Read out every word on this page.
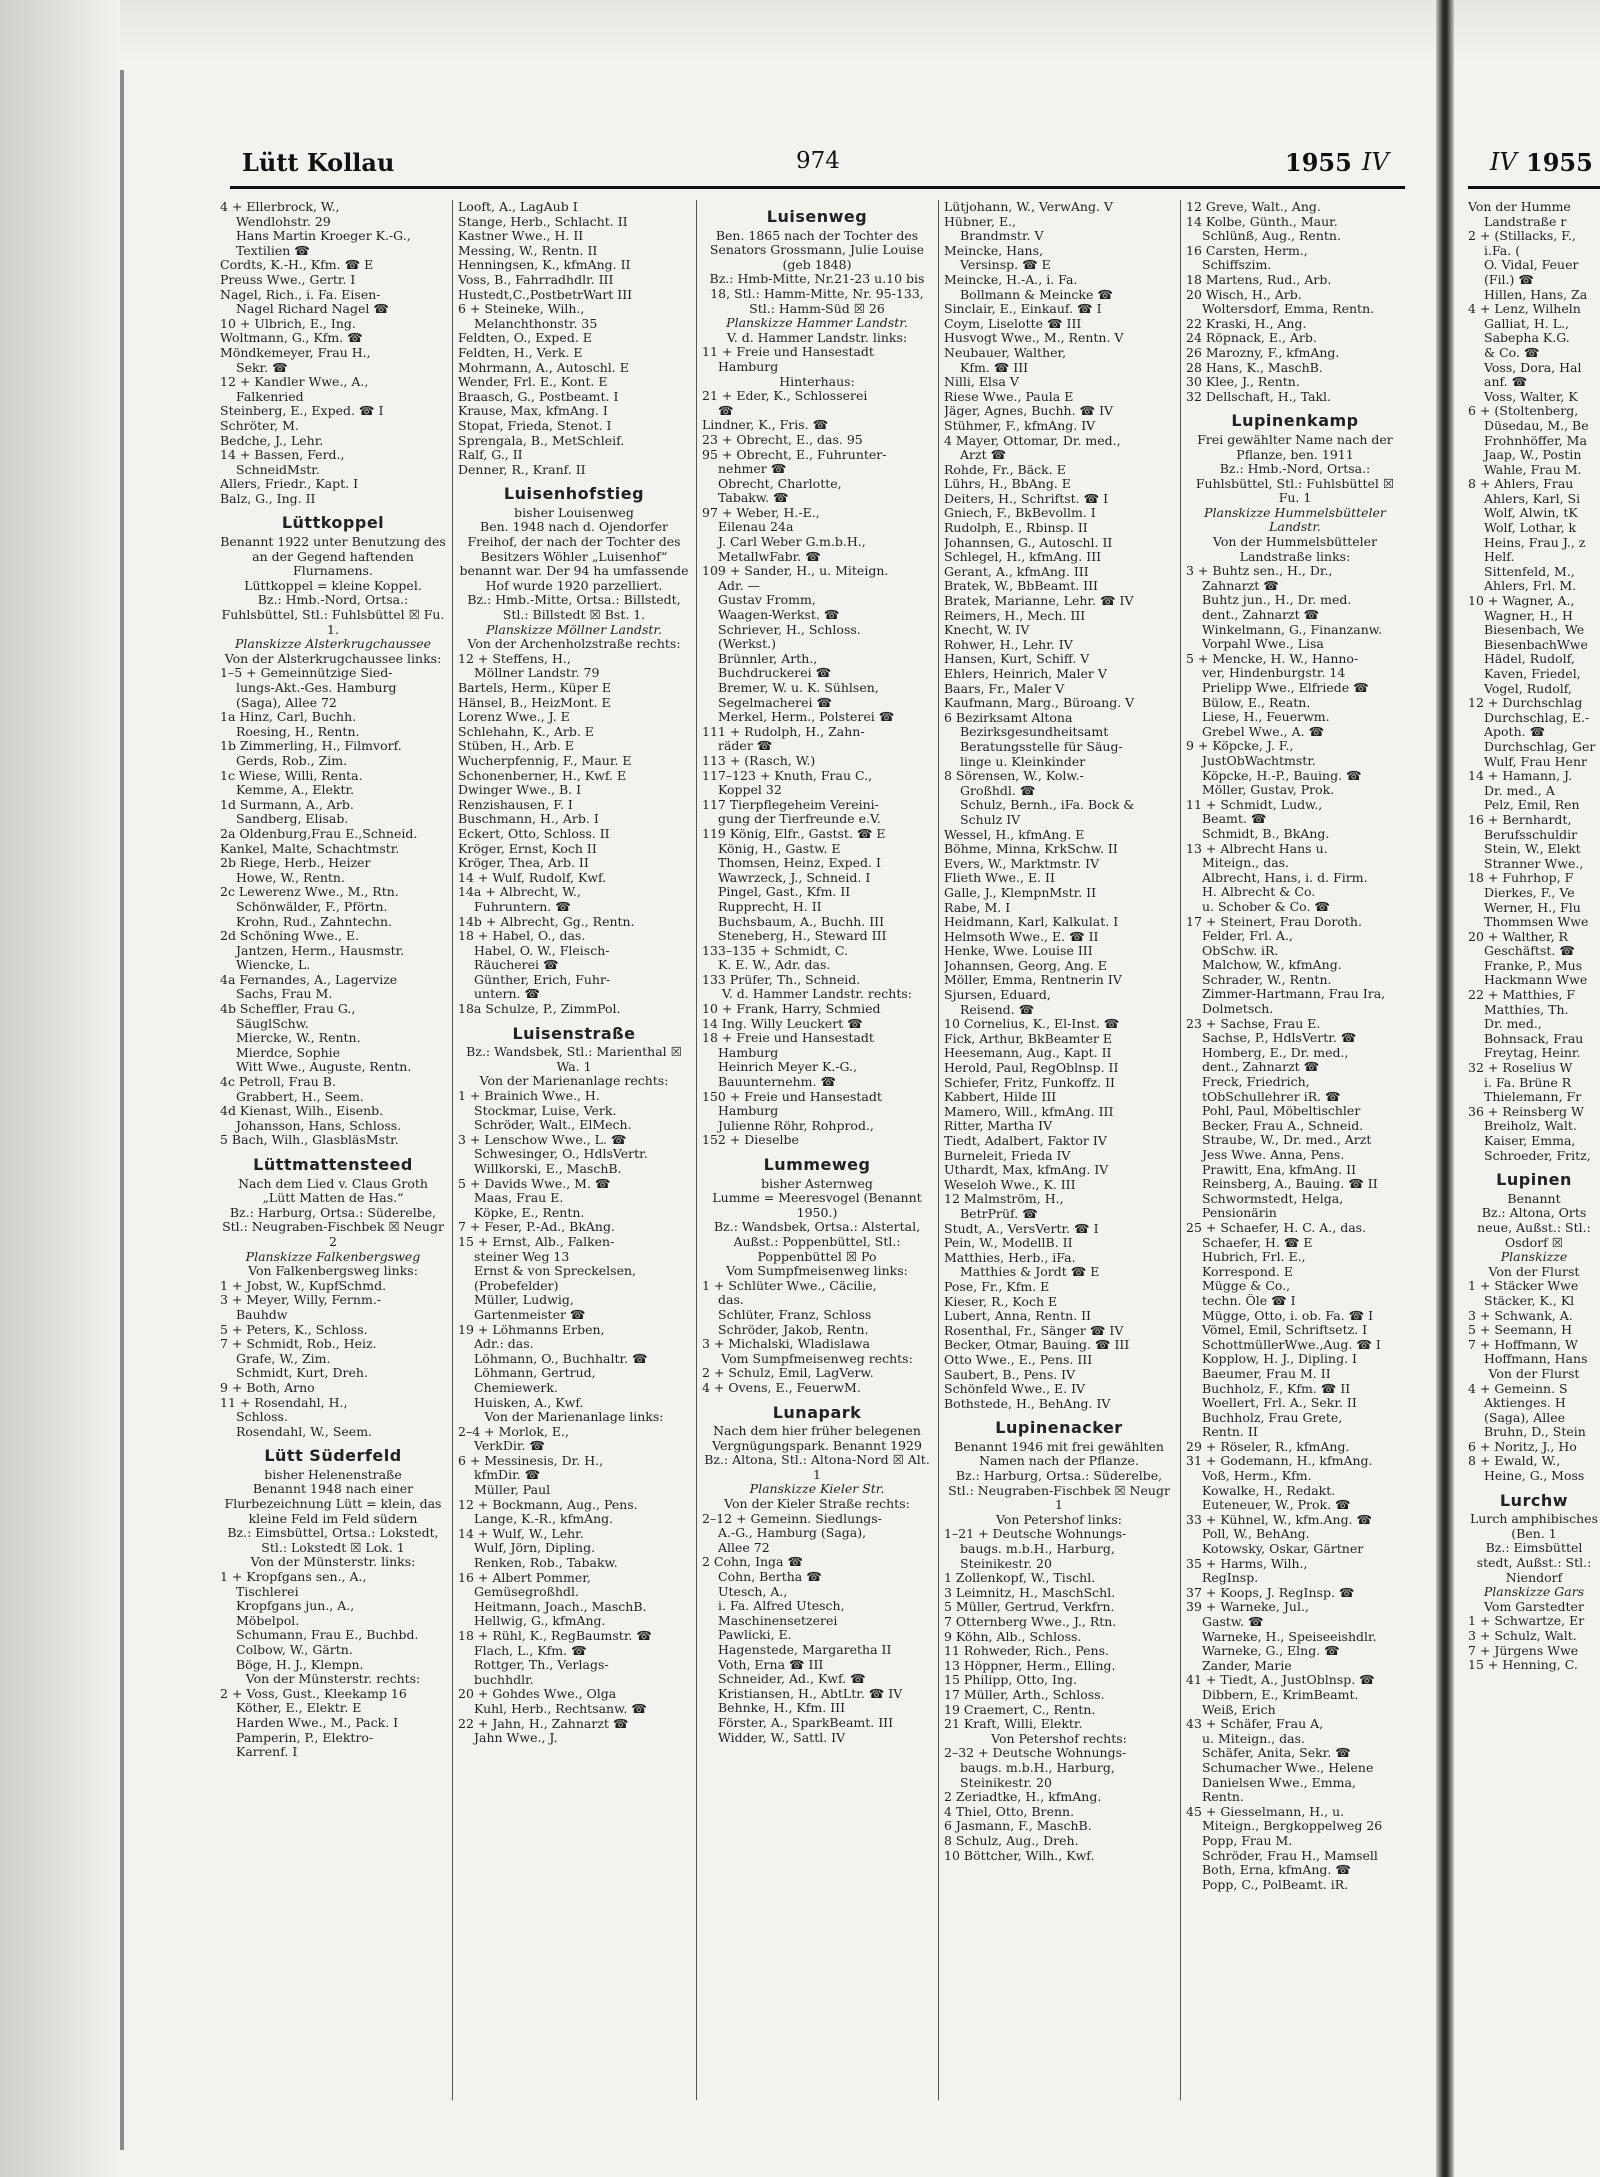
Lütt Kollau	974	1955 IV	IV 1955
4 + Ellerbrock, W.,
Wendlohstr. 29
Hans Martin Kroeger K.-G.,
Textilien ☎
Cordts, K.-H., Kfm. ☎ E
Preuss Wwe., Gertr. I
Nagel, Rich., i. Fa. Eisen-
Nagel Richard Nagel ☎
10 + Ulbrich, E., Ing.
Woltmann, G., Kfm. ☎
Möndkemeyer, Frau H.,
Sekr. ☎
12 + Kandler Wwe., A.,
Falkenried
Steinberg, E., Exped. ☎ I
Schröter, M.
Bedche, J., Lehr.
14 + Bassen, Ferd.,
SchneidMstr.
Allers, Friedr., Kapt. I
Balz, G., Ing. II
Lüttkoppel
Benannt 1922 unter Benutzung des an der Gegend haftenden Flurnamens.
Lüttkoppel = kleine Koppel.
Bz.: Hmb.-Nord, Ortsa.: Fuhlsbüttel, Stl.: Fuhlsbüttel ☒ Fu. 1.
Planskizze Alsterkrugchaussee
Von der Alsterkrugchaussee links:
1–5 + Gemeinnützige Sied-
lungs-Akt.-Ges. Hamburg
(Saga), Allee 72
1a Hinz, Carl, Buchh.
Roesing, H., Rentn.
1b Zimmerling, H., Filmvorf.
Gerds, Rob., Zim.
1c Wiese, Willi, Renta.
Kemme, A., Elektr.
1d Surmann, A., Arb.
Sandberg, Elisab.
2a Oldenburg,Frau E.,Schneid.
Kankel, Malte, Schachtmstr.
2b Riege, Herb., Heizer
Howe, W., Rentn.
2c Lewerenz Wwe., M., Rtn.
Schönwälder, F., Pförtn.
Krohn, Rud., Zahntechn.
2d Schöning Wwe., E.
Jantzen, Herm., Hausmstr.
Wiencke, L.
4a Fernandes, A., Lagervize
Sachs, Frau M.
4b Scheffler, Frau G.,
SäuglSchw.
Miercke, W., Rentn.
Mierdce, Sophie
Witt Wwe., Auguste, Rentn.
4c Petroll, Frau B.
Grabbert, H., Seem.
4d Kienast, Wilh., Eisenb.
Johansson, Hans, Schloss.
5 Bach, Wilh., GlasbläsMstr.
Lüttmattensteed
Nach dem Lied v. Claus Groth „Lütt Matten de Has.“
Bz.: Harburg, Ortsa.: Süderelbe, Stl.: Neugraben-Fischbek ☒ Neugr 2
Planskizze Falkenbergsweg
Von Falkenbergsweg links:
1 + Jobst, W., KupfSchmd.
3 + Meyer, Willy, Fernm.-
Bauhdw
5 + Peters, K., Schloss.
7 + Schmidt, Rob., Heiz.
Grafe, W., Zim.
Schmidt, Kurt, Dreh.
9 + Both, Arno
11 + Rosendahl, H.,
Schloss.
Rosendahl, W., Seem.
Lütt Süderfeld
bisher Helenenstraße
Benannt 1948 nach einer Flurbezeichnung Lütt = klein, das kleine Feld im Feld südern
Bz.: Eimsbüttel, Ortsa.: Lokstedt, Stl.: Lokstedt ☒ Lok. 1
Von der Münsterstr. links:
1 + Kropfgans sen., A.,
Tischlerei
Kropfgans jun., A.,
Möbelpol.
Schumann, Frau E., Buchbd.
Colbow, W., Gärtn.
Böge, H. J., Klempn.
Von der Münsterstr. rechts:
2 + Voss, Gust., Kleekamp 16
Köther, E., Elektr. E
Harden Wwe., M., Pack. I
Pamperin, P., Elektro-
Karrenf. I
Looft, A., LagAub I
Stange, Herb., Schlacht. II
Kastner Wwe., H. II
Messing, W., Rentn. II
Henningsen, K., kfmAng. II
Voss, B., Fahrradhdlr. III
Hustedt,C.,PostbetrWart III
6 + Steineke, Wilh.,
Melanchthonstr. 35
Feldten, O., Exped. E
Feldten, H., Verk. E
Mohrmann, A., Autoschl. E
Wender, Frl. E., Kont. E
Braasch, G., Postbeamt. I
Krause, Max, kfmAng. I
Stopat, Frieda, Stenot. I
Sprengala, B., MetSchleif.
Ralf, G., II
Denner, R., Kranf. II
Luisenhofstieg
bisher Louisenweg
Ben. 1948 nach d. Ojendorfer Freihof, der nach der Tochter des Besitzers Wöhler „Luisenhof“ benannt war. Der 94 ha umfassende Hof wurde 1920 parzelliert.
Bz.: Hmb.-Mitte, Ortsa.: Billstedt, Stl.: Billstedt ☒ Bst. 1.
Planskizze Möllner Landstr.
Von der Archenholzstraße rechts:
12 + Steffens, H.,
Möllner Landstr. 79
Bartels, Herm., Küper E
Hänsel, B., HeizMont. E
Lorenz Wwe., J. E
Schlehahn, K., Arb. E
Stüben, H., Arb. E
Wucherpfennig, F., Maur. E
Schonenberner, H., Kwf. E
Dwinger Wwe., B. I
Renzishausen, F. I
Buschmann, H., Arb. I
Eckert, Otto, Schloss. II
Kröger, Ernst, Koch II
Kröger, Thea, Arb. II
14 + Wulf, Rudolf, Kwf.
14a + Albrecht, W.,
Fuhruntern. ☎
14b + Albrecht, Gg., Rentn.
18 + Habel, O., das.
Habel, O. W., Fleisch-
Räucherei ☎
Günther, Erich, Fuhr-
untern. ☎
18a Schulze, P., ZimmPol.
Luisenstraße
Bz.: Wandsbek, Stl.: Marienthal ☒ Wa. 1
Von der Marienanlage rechts:
1 + Brainich Wwe., H.
Stockmar, Luise, Verk.
Schröder, Walt., ElMech.
3 + Lenschow Wwe., L. ☎
Schwesinger, O., HdlsVertr.
Willkorski, E., MaschB.
5 + Davids Wwe., M. ☎
Maas, Frau E.
Köpke, E., Rentn.
7 + Feser, P.-Ad., BkAng.
15 + Ernst, Alb., Falken-
steiner Weg 13
Ernst & von Spreckelsen,
(Probefelder)
Müller, Ludwig,
Gartenmeister ☎
19 + Löhmanns Erben,
Adr.: das.
Löhmann, O., Buchhaltr. ☎
Löhmann, Gertrud,
Chemiewerk.
Huisken, A., Kwf.
Von der Marienanlage links:
2–4 + Morlok, E.,
VerkDir. ☎
6 + Messinesis, Dr. H.,
kfmDir. ☎
Müller, Paul
12 + Bockmann, Aug., Pens.
Lange, K.-R., kfmAng.
14 + Wulf, W., Lehr.
Wulf, Jörn, Dipling.
Renken, Rob., Tabakw.
16 + Albert Pommer,
Gemüsegroßhdl.
Heitmann, Joach., MaschB.
Hellwig, G., kfmAng.
18 + Rühl, K., RegBaumstr. ☎
Flach, L., Kfm. ☎
Rottger, Th., Verlags-
buchhdlr.
20 + Gohdes Wwe., Olga
Kuhl, Herb., Rechtsanw. ☎
22 + Jahn, H., Zahnarzt ☎
Jahn Wwe., J.
Luisenweg
Ben. 1865 nach der Tochter des Senators Grossmann, Julie Louise (geb 1848)
Bz.: Hmb-Mitte, Nr.21-23 u.10 bis 18, Stl.: Hamm-Mitte, Nr. 95-133, Stl.: Hamm-Süd ☒ 26
Planskizze Hammer Landstr.
V. d. Hammer Landstr. links:
11 + Freie und Hansestadt
Hamburg
Hinterhaus:
21 + Eder, K., Schlosserei
☎
Lindner, K., Fris. ☎
23 + Obrecht, E., das. 95
95 + Obrecht, E., Fuhrunter-
nehmer ☎
Obrecht, Charlotte,
Tabakw. ☎
97 + Weber, H.-E.,
Eilenau 24a
J. Carl Weber G.m.b.H.,
MetallwFabr. ☎
109 + Sander, H., u. Miteign.
Adr. —
Gustav Fromm,
Waagen-Werkst. ☎
Schriever, H., Schloss.
(Werkst.)
Brünnler, Arth.,
Buchdruckerei ☎
Bremer, W. u. K. Sühlsen,
Segelmacherei ☎
Merkel, Herm., Polsterei ☎
111 + Rudolph, H., Zahn-
räder ☎
113 + (Rasch, W.)
117–123 + Knuth, Frau C.,
Koppel 32
117 Tierpflegeheim Vereini-
gung der Tierfreunde e.V.
119 König, Elfr., Gastst. ☎ E
König, H., Gastw. E
Thomsen, Heinz, Exped. I
Wawrzeck, J., Schneid. I
Pingel, Gast., Kfm. II
Rupprecht, H. II
Buchsbaum, A., Buchh. III
Steneberg, H., Steward III
133–135 + Schmidt, C.
K. E. W., Adr. das.
133 Prüfer, Th., Schneid.
V. d. Hammer Landstr. rechts:
10 + Frank, Harry, Schmied
14 Ing. Willy Leuckert ☎
18 + Freie und Hansestadt
Hamburg
Heinrich Meyer K.-G.,
Bauunternehm. ☎
150 + Freie und Hansestadt
Hamburg
Julienne Röhr, Rohprod.,
152 + Dieselbe
Lummeweg
bisher Asternweg
Lumme = Meeresvogel (Benannt 1950.)
Bz.: Wandsbek, Ortsa.: Alstertal, Außst.: Poppenbüttel, Stl.: Poppenbüttel ☒ Po
Vom Sumpfmeisenweg links:
1 + Schlüter Wwe., Cäcilie,
das.
Schlüter, Franz, Schloss
Schröder, Jakob, Rentn.
3 + Michalski, Wladislawa
Vom Sumpfmeisenweg rechts:
2 + Schulz, Emil, LagVerw.
4 + Ovens, E., FeuerwM.
Lunapark
Nach dem hier früher belegenen Vergnügungspark. Benannt 1929
Bz.: Altona, Stl.: Altona-Nord ☒ Alt. 1
Planskizze Kieler Str.
Von der Kieler Straße rechts:
2–12 + Gemeinn. Siedlungs-
A.-G., Hamburg (Saga),
Allee 72
2 Cohn, Inga ☎
Cohn, Bertha ☎
Utesch, A.,
i. Fa. Alfred Utesch,
Maschinensetzerei
Pawlicki, E.
Hagenstede, Margaretha II
Voth, Erna ☎ III
Schneider, Ad., Kwf. ☎
Kristiansen, H., AbtLtr. ☎ IV
Behnke, H., Kfm. III
Förster, A., SparkBeamt. III
Widder, W., Sattl. IV
Lütjohann, W., VerwAng. V
Hübner, E.,
Brandmstr. V
Meincke, Hans,
Versinsp. ☎ E
Meincke, H.-A., i. Fa.
Bollmann & Meincke ☎
Sinclair, E., Einkauf. ☎ I
Coym, Liselotte ☎ III
Husvogt Wwe., M., Rentn. V
Neubauer, Walther,
Kfm. ☎ III
Nilli, Elsa V
Riese Wwe., Paula E
Jäger, Agnes, Buchh. ☎ IV
Stühmer, F., kfmAng. IV
4 Mayer, Ottomar, Dr. med.,
Arzt ☎
Rohde, Fr., Bäck. E
Lührs, H., BbAng. E
Deiters, H., Schriftst. ☎ I
Gniech, F., BkBevollm. I
Rudolph, E., Rbinsp. II
Johannsen, G., Autoschl. II
Schlegel, H., kfmAng. III
Gerant, A., kfmAng. III
Bratek, W., BbBeamt. III
Bratek, Marianne, Lehr. ☎ IV
Reimers, H., Mech. III
Knecht, W. IV
Rohwer, H., Lehr. IV
Hansen, Kurt, Schiff. V
Ehlers, Heinrich, Maler V
Baars, Fr., Maler V
Kaufmann, Marg., Büroang. V
6 Bezirksamt Altona
Bezirksgesundheitsamt
Beratungsstelle für Säug-
linge u. Kleinkinder
8 Sörensen, W., Kolw.-
Großhdl. ☎
Schulz, Bernh., iFa. Bock &
Schulz IV
Wessel, H., kfmAng. E
Böhme, Minna, KrkSchw. II
Evers, W., Marktmstr. IV
Flieth Wwe., E. II
Galle, J., KlempnMstr. II
Rabe, M. I
Heidmann, Karl, Kalkulat. I
Helmsoth Wwe., E. ☎ II
Henke, Wwe. Louise III
Johannsen, Georg, Ang. E
Möller, Emma, Rentnerin IV
Sjursen, Eduard,
Reisend. ☎
10 Cornelius, K., El-Inst. ☎
Fick, Arthur, BkBeamter E
Heesemann, Aug., Kapt. II
Herold, Paul, RegOblnsp. II
Schiefer, Fritz, Funkoffz. II
Kabbert, Hilde III
Mamero, Will., kfmAng. III
Ritter, Martha IV
Tiedt, Adalbert, Faktor IV
Burneleit, Frieda IV
Uthardt, Max, kfmAng. IV
Weseloh Wwe., K. III
12 Malmström, H.,
BetrPrüf. ☎
Studt, A., VersVertr. ☎ I
Pein, W., ModellB. II
Matthies, Herb., iFa.
Matthies & Jordt ☎ E
Pose, Fr., Kfm. E
Kieser, R., Koch E
Lubert, Anna, Rentn. II
Rosenthal, Fr., Sänger ☎ IV
Becker, Otmar, Bauing. ☎ III
Otto Wwe., E., Pens. III
Saubert, B., Pens. IV
Schönfeld Wwe., E. IV
Bothstede, H., BehAng. IV
Lupinenacker
Benannt 1946 mit frei gewählten Namen nach der Pflanze.
Bz.: Harburg, Ortsa.: Süderelbe, Stl.: Neugraben-Fischbek ☒ Neugr 1
Von Petershof links:
1–21 + Deutsche Wohnungs-
baugs. m.b.H., Harburg,
Steinikestr. 20
1 Zollenkopf, W., Tischl.
3 Leimnitz, H., MaschSchl.
5 Müller, Gertrud, Verkfrn.
7 Otternberg Wwe., J., Rtn.
9 Köhn, Alb., Schloss.
11 Rohweder, Rich., Pens.
13 Höppner, Herm., Elling.
15 Philipp, Otto, Ing.
17 Müller, Arth., Schloss.
19 Craemert, C., Rentn.
21 Kraft, Willi, Elektr.
Von Petershof rechts:
2–32 + Deutsche Wohnungs-
baugs. m.b.H., Harburg,
Steinikestr. 20
2 Zeriadtke, H., kfmAng.
4 Thiel, Otto, Brenn.
6 Jasmann, F., MaschB.
8 Schulz, Aug., Dreh.
10 Böttcher, Wilh., Kwf.
12 Greve, Walt., Ang.
14 Kolbe, Günth., Maur.
Schlünß, Aug., Rentn.
16 Carsten, Herm.,
Schiffszim.
18 Martens, Rud., Arb.
20 Wisch, H., Arb.
Woltersdorf, Emma, Rentn.
22 Kraski, H., Ang.
24 Röpnack, E., Arb.
26 Marozny, F., kfmAng.
28 Hans, K., MaschB.
30 Klee, J., Rentn.
32 Dellschaft, H., Takl.
Lupinenkamp
Frei gewählter Name nach der Pflanze, ben. 1911
Bz.: Hmb.-Nord, Ortsa.: Fuhlsbüttel, Stl.: Fuhlsbüttel ☒ Fu. 1
Planskizze Hummelsbütteler Landstr.
Von der Hummelsbütteler Landstraße links:
3 + Buhtz sen., H., Dr.,
Zahnarzt ☎
Buhtz jun., H., Dr. med.
dent., Zahnarzt ☎
Winkelmann, G., Finanzanw.
Vorpahl Wwe., Lisa
5 + Mencke, H. W., Hanno-
ver, Hindenburgstr. 14
Prielipp Wwe., Elfriede ☎
Bülow, E., Reatn.
Liese, H., Feuerwm.
Grebel Wwe., A. ☎
9 + Köpcke, J. F.,
JustObWachtmstr.
Köpcke, H.-P., Bauing. ☎
Möller, Gustav, Prok.
11 + Schmidt, Ludw.,
Beamt. ☎
Schmidt, B., BkAng.
13 + Albrecht Hans u.
Miteign., das.
Albrecht, Hans, i. d. Firm.
H. Albrecht & Co.
u. Schober & Co. ☎
17 + Steinert, Frau Doroth.
Felder, Frl. A.,
ObSchw. iR.
Malchow, W., kfmAng.
Schrader, W., Rentn.
Zimmer-Hartmann, Frau Ira,
Dolmetsch.
23 + Sachse, Frau E.
Sachse, P., HdlsVertr. ☎
Homberg, E., Dr. med.,
dent., Zahnarzt ☎
Freck, Friedrich,
tObSchullehrer iR. ☎
Pohl, Paul, Möbeltischler
Becker, Frau A., Schneid.
Straube, W., Dr. med., Arzt
Jess Wwe. Anna, Pens.
Prawitt, Ena, kfmAng. II
Reinsberg, A., Bauing. ☎ II
Schwormstedt, Helga,
Pensionärin
25 + Schaefer, H. C. A., das.
Schaefer, H. ☎ E
Hubrich, Frl. E.,
Korrespond. E
Mügge & Co.,
techn. Öle ☎ I
Mügge, Otto, i. ob. Fa. ☎ I
Vömel, Emil, Schriftsetz. I
SchottmüllerWwe.,Aug. ☎ I
Kopplow, H. J., Dipling. I
Baeumer, Frau M. II
Buchholz, F., Kfm. ☎ II
Woellert, Frl. A., Sekr. II
Buchholz, Frau Grete,
Rentn. II
29 + Röseler, R., kfmAng.
31 + Godemann, H., kfmAng.
Voß, Herm., Kfm.
Kowalke, H., Redakt.
Euteneuer, W., Prok. ☎
33 + Kühnel, W., kfm.Ang. ☎
Poll, W., BehAng.
Kotowsky, Oskar, Gärtner
35 + Harms, Wilh.,
RegInsp.
37 + Koops, J. RegInsp. ☎
39 + Warneke, Jul.,
Gastw. ☎
Warneke, H., Speiseeishdlr.
Warneke, G., Elng. ☎
Zander, Marie
41 + Tiedt, A., JustOblnsp. ☎
Dibbern, E., KrimBeamt.
Weiß, Erich
43 + Schäfer, Frau A,
u. Miteign., das.
Schäfer, Anita, Sekr. ☎
Schumacher Wwe., Helene
Danielsen Wwe., Emma,
Rentn.
45 + Giesselmann, H., u.
Miteign., Bergkoppelweg 26
Popp, Frau M.
Schröder, Frau H., Mamsell
Both, Erna, kfmAng. ☎
Popp, C., PolBeamt. iR.
Von der Humme
Landstraße r
2 + (Stillacks, F.,
i.Fa. (
O. Vidal, Feuer
(Fil.) ☎
Hillen, Hans, Za
4 + Lenz, Wilheln
Galliat, H. L.,
Sabepha K.G.
& Co. ☎
Voss, Dora, Hal
anf. ☎
Voss, Walter, K
6 + (Stoltenberg,
Düsedau, M., Be
Frohnhöffer, Ma
Jaap, W., Postin
Wahle, Frau M.
8 + Ahlers, Frau
Ahlers, Karl, Si
Wolf, Alwin, tK
Wolf, Lothar, k
Heins, Frau J., z
Helf.
Sittenfeld, M.,
Ahlers, Frl. M.
10 + Wagner, A.,
Wagner, H., H
Biesenbach, We
BiesenbachWwe
Hädel, Rudolf,
Kaven, Friedel,
Vogel, Rudolf,
12 + Durchschlag
Durchschlag, E.-
Apoth. ☎
Durchschlag, Ger
Wulf, Frau Henr
14 + Hamann, J.
Dr. med., A
Pelz, Emil, Ren
16 + Bernhardt,
Berufsschuldir
Stein, W., Elekt
Stranner Wwe.,
18 + Fuhrhop, F
Dierkes, F., Ve
Werner, H., Flu
Thommsen Wwe
20 + Walther, R
Geschäftst. ☎
Franke, P., Mus
Hackmann Wwe
22 + Matthies, F
Matthies, Th.
Dr. med.,
Bohnsack, Frau
Freytag, Heinr.
32 + Roselius W
i. Fa. Brüne R
Thielemann, Fr
36 + Reinsberg W
Breiholz, Walt.
Kaiser, Emma,
Schroeder, Fritz,
Lupinen
Benannt
Bz.: Altona, Orts neue, Außst.: Stl.: Osdorf ☒
Planskizze
Von der Flurst
1 + Stäcker Wwe
Stäcker, K., Kl
3 + Schwank, A.
5 + Seemann, H
7 + Hoffmann, W
Hoffmann, Hans
Von der Flurst
4 + Gemeinn. S
Aktienges. H
(Saga), Allee
Bruhn, D., Stein
6 + Noritz, J., Ho
8 + Ewald, W.,
Heine, G., Moss
Lurchw
Lurch amphibisches (Ben. 1
Bz.: Eimsbüttel stedt, Außst.: Stl.: Niendorf
Planskizze Gars
Vom Garstedter
1 + Schwartze, Er
3 + Schulz, Walt.
7 + Jürgens Wwe
15 + Henning, C.
